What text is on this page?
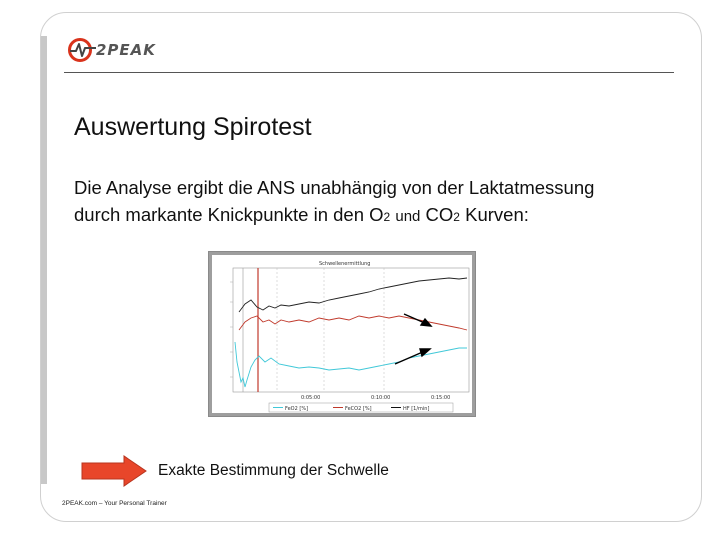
2PEAK
Auswertung Spirotest
Die Analyse ergibt die ANS unabhängig von der Laktatmessung
durch markante Knickpunkte in den O2 und CO2 Kurven:
Schwellenermittlung
0:05:00	0:10:00	0:15:00
FeO2 [%]	FeCO2 [%]	HF [1/min]
Exakte Bestimmung der Schwelle
2PEAK.com – Your Personal Trainer
